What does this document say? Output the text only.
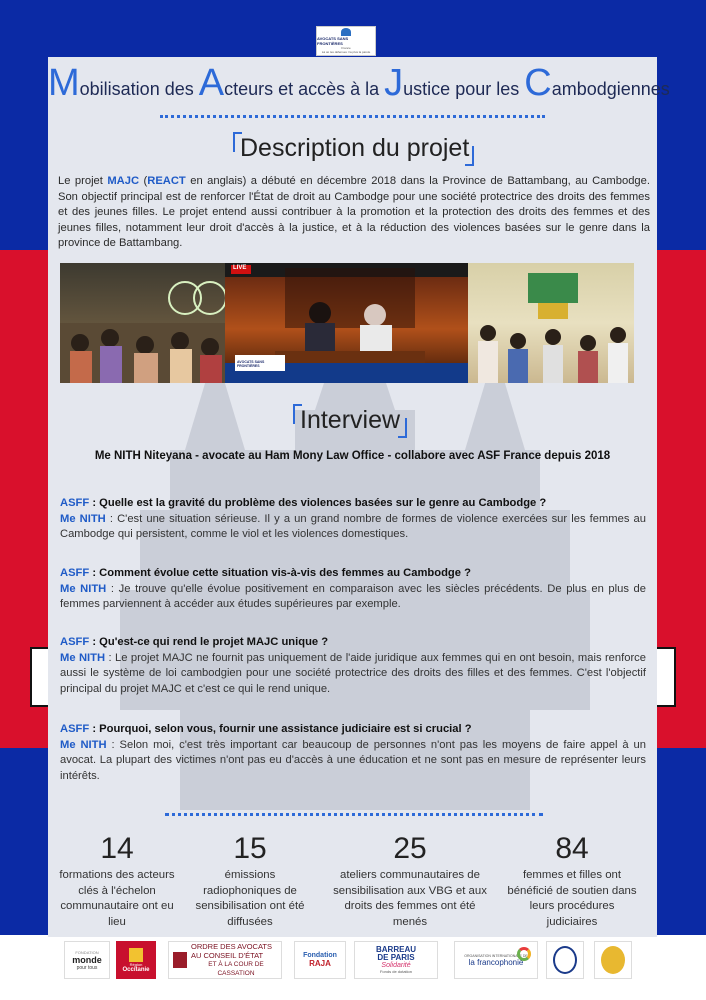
AVOCATS SANS FRONTIÈRES
France
Là où les défenses n'a plus la parole
Mobilisation des Acteurs et accès à la Justice pour les Cambodgiennes
Description du projet
Le projet MAJC (REACT en anglais) a débuté en décembre 2018 dans la Province de Battambang, au Cambodge. Son objectif principal est de renforcer l'État de droit au Cambodge pour une société protectrice des droits des femmes et des jeunes filles. Le projet entend aussi contribuer à la promotion et la protection des droits des femmes et des jeunes filles, notamment leur droit d'accès à la justice, et à la réduction des violences basées sur le genre dans la province de Battambang.
LIVE
AVOCATS SANS FRONTIÈRES
Interview
Me NITH Niteyana - avocate au Ham Mony Law Office - collabore avec ASF France depuis 2018
ASFF : Quelle est la gravité du problème des violences basées sur le genre au Cambodge ?
Me NITH : C'est une situation sérieuse. Il y a un grand nombre de formes de violence exercées sur les femmes au Cambodge qui persistent, comme le viol et les violences domestiques.
ASFF : Comment évolue cette situation vis-à-vis des femmes au Cambodge ?
Me NITH : Je trouve qu'elle évolue positivement en comparaison avec les siècles précédents. De plus en plus de femmes parviennent à accéder aux études supérieures par exemple.
ASFF : Qu'est-ce qui rend le projet MAJC unique ?
Me NITH : Le projet MAJC ne fournit pas uniquement de l'aide juridique aux femmes qui en ont besoin, mais renforce aussi le système de loi cambodgien pour une société protectrice des droits des filles et des femmes. C'est l'objectif principal du projet MAJC et c'est ce qui le rend unique.
ASFF : Pourquoi, selon vous, fournir une assistance judiciaire est si crucial ?
Me NITH : Selon moi, c'est très important car beaucoup de personnes n'ont pas les moyens de faire appel à un avocat. La plupart des victimes n'ont pas eu d'accès à une éducation et ne sont pas en mesure de représenter leurs intérêts.
14
formations des acteurs clés à l'échelon communautaire ont eu lieu
15
émissions radiophoniques de sensibilisation ont été diffusées
25
ateliers communautaires de sensibilisation aux VBG et aux droits des femmes ont été menés
84
femmes et filles ont bénéficié de soutien dans leurs procédures judiciaires
FONDATION
monde
pour tous
Région
Occitanie
ORDRE DES AVOCATS
AU CONSEIL D'ÉTAT
ET À LA COUR DE CASSATION
Fondation
RAJA
BARREAU
DE PARIS
Solidarité
Fonds de dotation
ORGANISATION INTERNATIONALE DE
la francophonie
